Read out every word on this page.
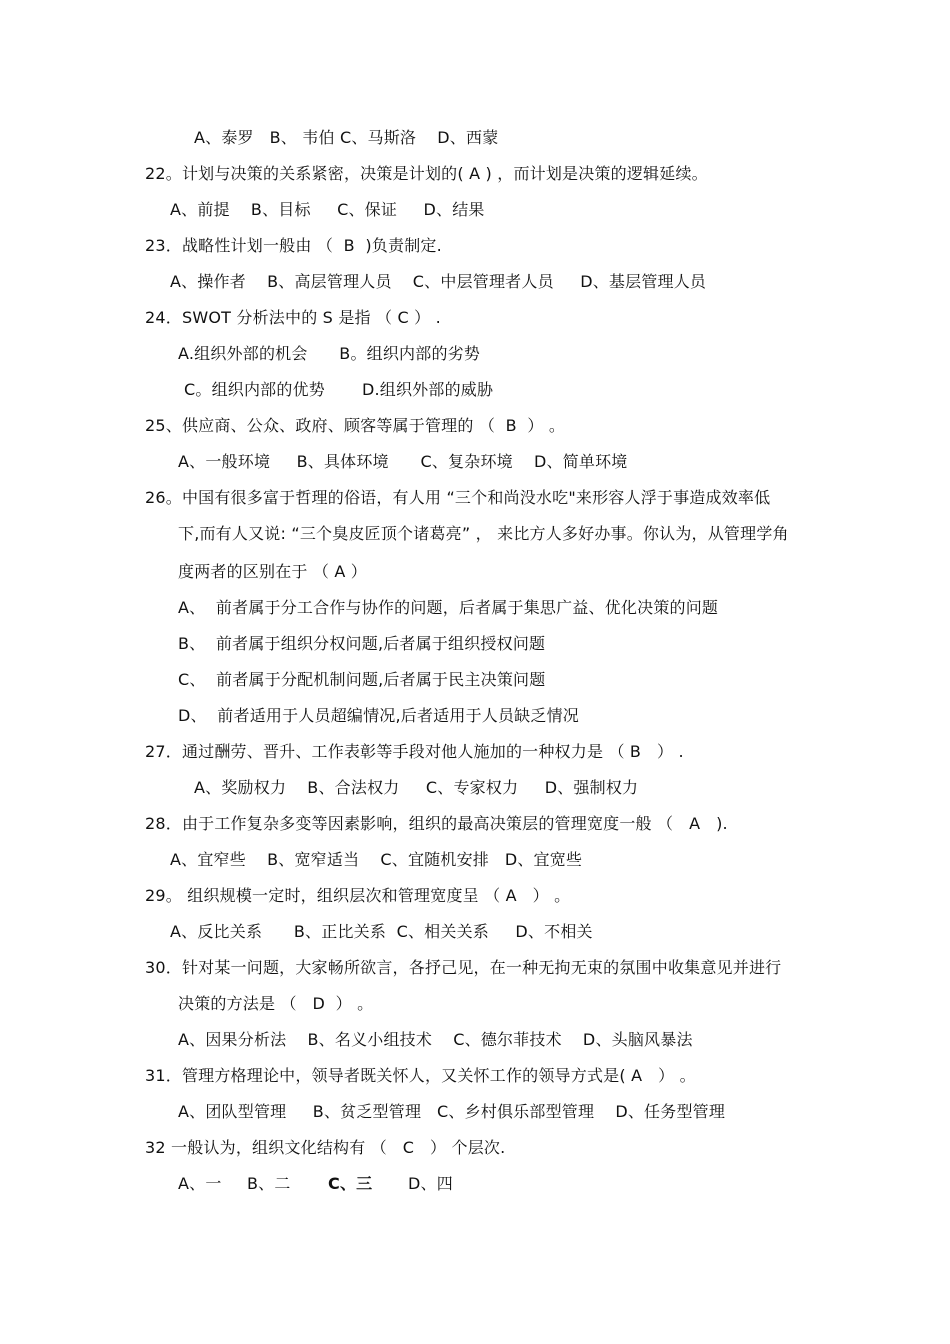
A、泰罗   B、 韦伯 C、马斯洛    D、西蒙
22。计划与决策的关系紧密，决策是计划的( A ) ，而计划是决策的逻辑延续。
A、前提    B、目标     C、保证     D、结果
23．战略性计划一般由 （  B  )负责制定.
A、操作者    B、高层管理人员    C、中层管理者人员     D、基层管理人员
24．SWOT 分析法中的 S 是指 （ C ） .
A.组织外部的机会      B。组织内部的劣势
C。组织内部的优势       D.组织外部的威胁
25、供应商、公众、政府、顾客等属于管理的 （  B  ） 。
A、一般环境     B、具体环境      C、复杂环境    D、简单环境
26。中国有很多富于哲理的俗语，有人用 “三个和尚没水吃"来形容人浮于事造成效率低
下,而有人又说: “三个臭皮匠顶个诸葛亮” ， 来比方人多好办事。你认为，从管理学角
度两者的区别在于 （ A ）
A、  前者属于分工合作与协作的问题，后者属于集思广益、优化决策的问题
B、  前者属于组织分权问题,后者属于组织授权问题
C、  前者属于分配机制问题,后者属于民主决策问题
D、  前者适用于人员超编情况,后者适用于人员缺乏情况
27．通过酬劳、晋升、工作表彰等手段对他人施加的一种权力是 （ B   ） .
A、奖励权力    B、合法权力     C、专家权力     D、强制权力
28．由于工作复杂多变等因素影响，组织的最高决策层的管理宽度一般 （   A   ).
A、宜窄些    B、宽窄适当    C、宜随机安排   D、宜宽些
29。 组织规模一定时，组织层次和管理宽度呈 （ A   ） 。
A、反比关系      B、正比关系  C、相关关系     D、不相关
30．针对某一问题，大家畅所欲言，各抒己见，在一种无拘无束的氛围中收集意见并进行
决策的方法是 （   D  ） 。
A、因果分析法    B、名义小组技术    C、德尔菲技术    D、头脑风暴法
31．管理方格理论中，领导者既关怀人，又关怀工作的领导方式是( A   ） 。
A、团队型管理     B、贫乏型管理   C、乡村俱乐部型管理    D、任务型管理
32 一般认为，组织文化结构有 （   C   ） 个层次.
A、一 B、二 C、三 D、四
